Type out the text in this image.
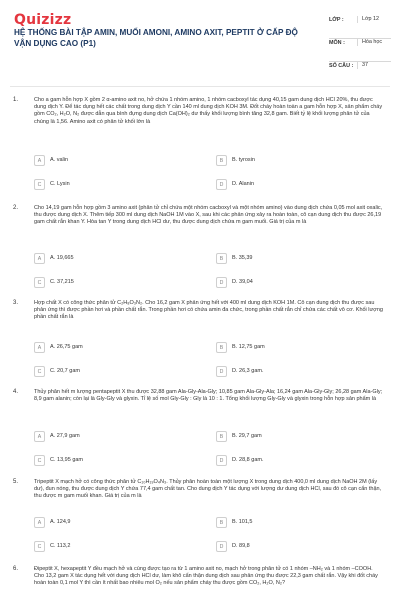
Quizizz
HỆ THỐNG BÀI TẬP AMIN, MUỐI AMONI, AMINO AXIT, PEPTIT Ở CẤP ĐỘ VẬN DỤNG CAO (P1)
LỚP :	Lớp 12
MÔN :	Hóa học
SỐ CÂU :	37
1.	Cho a gam hỗn hợp X gồm 2 α-amino axit no, hở chứa 1 nhóm amino, 1 nhóm cacboxyl tác dụng 40,15 gam dung dịch HCl 20%, thu được dung dịch Y. Để tác dụng hết các chất trong dung dịch Y cần 140 ml dung dịch KOH 3M. Đốt cháy hoàn toàn a gam hỗn hợp X, sản phẩm cháy gồm CO₂, H₂O, N₂ được dẫn qua bình đựng dung dịch Ca(OH)₂ dư thấy khối lượng bình tăng 32,8 gam. Biết tỷ lệ khối lượng phân tử của chúng là 1,56. Amino axit có phân tử khối lớn là
A	A. valin	B	B. tyrosin
C	C. Lysin	D	D. Alanin
2.	Cho 14,19 gam hỗn hợp gồm 3 amino axit (phân tử chỉ chứa một nhóm cacboxyl và một nhóm amino) vào dung dịch chứa 0,05 mol axit oxalic, thu được dung dịch X. Thêm tiếp 300 ml dung dịch NaOH 1M vào X, sau khi các phản ứng xảy ra hoàn toàn, cô cạn dung dịch thu được 26,19 gam chất rắn khan Y. Hòa tan Y trong dung dịch HCl dư, thu được dung dịch chứa m gam muối. Giá trị của m là
A	A. 19,665	B	B. 35,39
C	C. 37,215	D	D. 39,04
3.	Hợp chất X có công thức phân tử C₂H₈O₃N₂. Cho 16,2 gam X phản ứng hết với 400 ml dung dịch KOH 1M. Cô cạn dung dịch thu được sau phản ứng thì được phần hơi và phần chất rắn. Trong phần hơi có chứa amin đa chức, trong phần chất rắn chỉ chứa các chất vô cơ. Khối lượng phần chất rắn là
A	A. 26,75 gam	B	B. 12,75 gam
C	C. 20,7 gam	D	D. 26,3 gam.
4.	Thủy phân hết m lượng pentapeptit X thu được 32,88 gam Ala-Gly-Ala-Gly; 10,85 gam Ala-Gly-Ala; 16,24 gam Ala-Gly-Gly; 26,28 gam Ala-Gly; 8,9 gam alanin; còn lại là Gly-Gly và glyxin. Tỉ lệ số mol Gly-Gly : Gly là 10 : 1. Tổng khối lượng Gly-Gly và glyxin trong hỗn hợp sản phẩm là
A	A. 27,9 gam	B	B. 29,7 gam
C	C. 13,95 gam	D	D. 28,8 gam.
5.	Tripeptit X mạch hở có công thức phân tử C₁₀H₁₉O₄N₃. Thủy phân hoàn toàn một lượng X trong dung dịch 400,0 ml dung dịch NaOH 2M (lấy dư), đun nóng, thu được dung dịch Y chứa 77,4 gam chất tan. Cho dung dịch Y tác dụng với lượng dư dung dịch HCl, sau đó cô cạn cẩn thận, thu được m gam muối khan. Giá trị của m là
A	A. 124,9	B	B. 101,5
C	C. 113,2	D	D. 89,8
6.	Đipeptit X, hexapeptit Y đều mạch hở và cùng được tạo ra từ 1 amino axit no, mạch hở trong phân tử có 1 nhóm –NH₂ và 1 nhóm –COOH. Cho 13,2 gam X tác dụng hết với dung dịch HCl dư, làm khô cẩn thận dung dịch sau phản ứng thu được 22,3 gam chất rắn. Vậy khi đốt cháy hoàn toàn 0,1 mol Y thì cần ít nhất bao nhiêu mol O₂ nếu sản phẩm cháy thu được gồm CO₂, H₂O, N₂?
